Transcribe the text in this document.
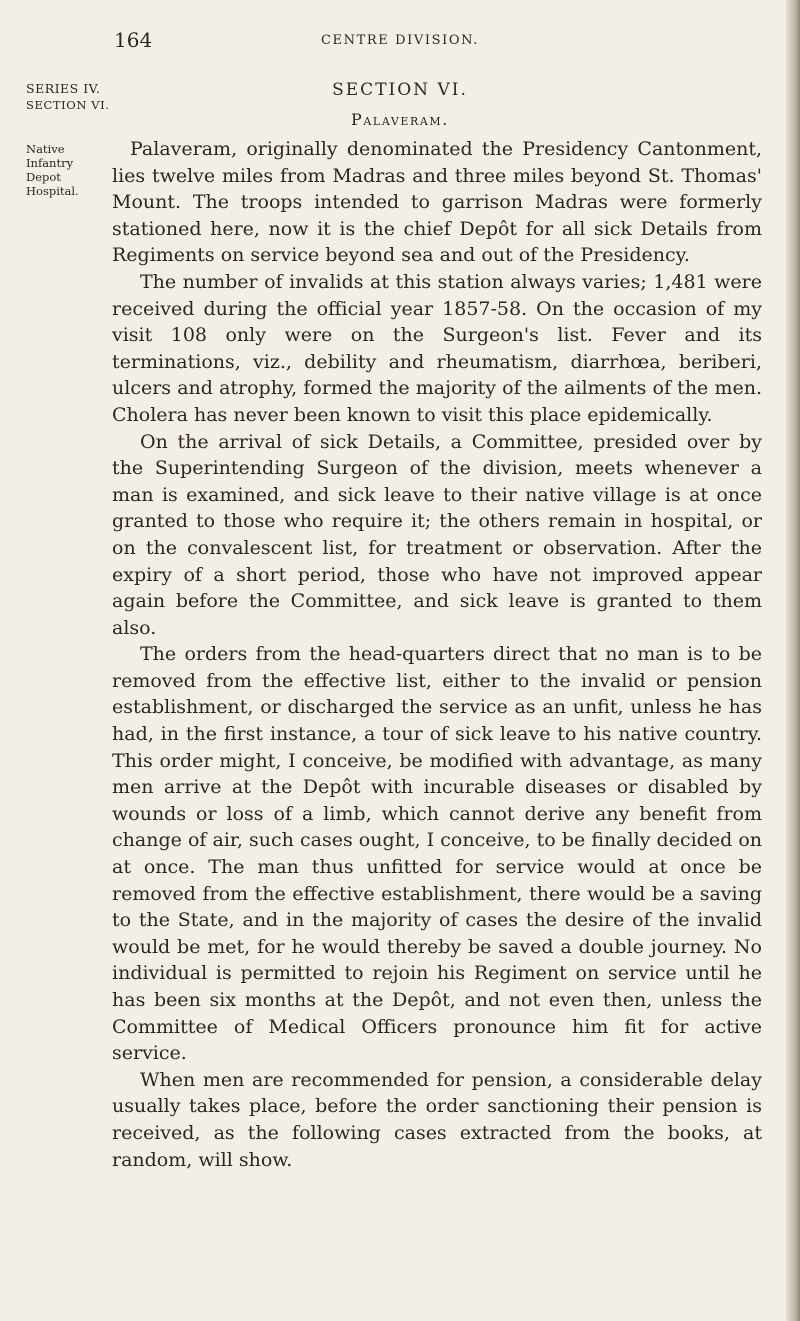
164	CENTRE DIVISION.
SERIES IV.
SECTION VI.
Native Infantry Depot Hospital.
SECTION VI.
Palaveram.

Palaveram, originally denominated the Presidency Cantonment, lies twelve miles from Madras and three miles beyond St. Thomas' Mount. The troops intended to garrison Madras were formerly stationed here, now it is the chief Depôt for all sick Details from Regiments on service beyond sea and out of the Presidency.

The number of invalids at this station always varies; 1,481 were received during the official year 1857-58. On the occasion of my visit 108 only were on the Surgeon's list. Fever and its terminations, viz., debility and rheumatism, diarrhœa, beriberi, ulcers and atrophy, formed the majority of the ailments of the men. Cholera has never been known to visit this place epidemically.

On the arrival of sick Details, a Committee, presided over by the Superintending Surgeon of the division, meets whenever a man is examined, and sick leave to their native village is at once granted to those who require it; the others remain in hospital, or on the convalescent list, for treatment or observation. After the expiry of a short period, those who have not improved appear again before the Committee, and sick leave is granted to them also.

The orders from the head-quarters direct that no man is to be removed from the effective list, either to the invalid or pension establishment, or discharged the service as an unfit, unless he has had, in the first instance, a tour of sick leave to his native country. This order might, I conceive, be modified with advantage, as many men arrive at the Depôt with incurable diseases or disabled by wounds or loss of a limb, which cannot derive any benefit from change of air, such cases ought, I conceive, to be finally decided on at once. The man thus unfitted for service would at once be removed from the effective establishment, there would be a saving to the State, and in the majority of cases the desire of the invalid would be met, for he would thereby be saved a double journey. No individual is permitted to rejoin his Regiment on service until he has been six months at the Depôt, and not even then, unless the Committee of Medical Officers pronounce him fit for active service.

When men are recommended for pension, a considerable delay usually takes place, before the order sanctioning their pension is received, as the following cases extracted from the books, at random, will show.
